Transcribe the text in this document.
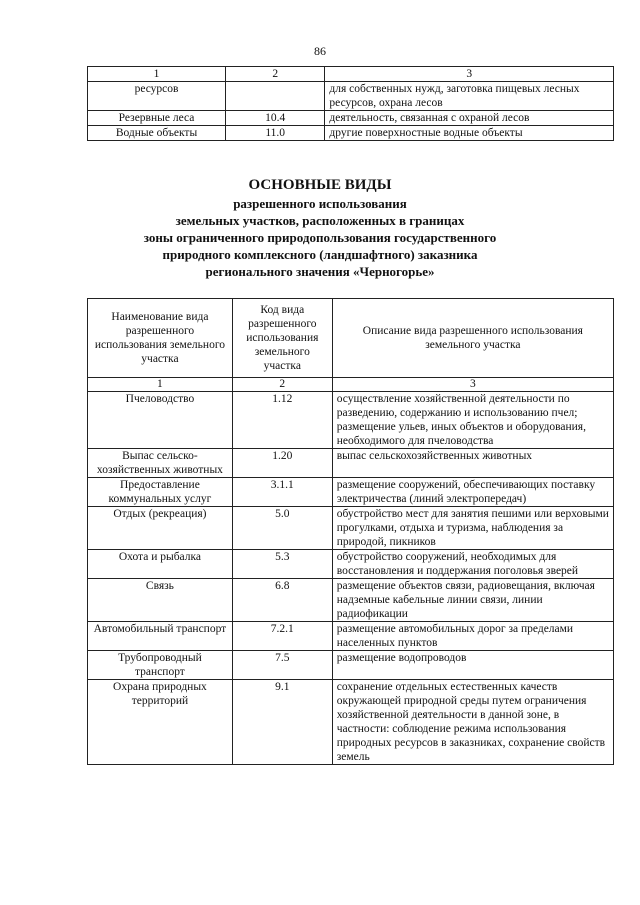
86
1	2	3
ресурсов		для собственных нужд, заготовка пищевых лесных ресурсов, охрана лесов
Резервные леса	10.4	деятельность, связанная с охраной лесов
Водные объекты	11.0	другие поверхностные водные объекты
ОСНОВНЫЕ ВИДЫ
разрешенного использования
земельных участков, расположенных в границах
зоны ограниченного природопользования государственного
природного комплексного (ландшафтного) заказника
регионального значения «Черногорье»
Наименование вида разрешенного использования земельного участка	Код вида разрешенного использования земельного участка	Описание вида разрешенного использования земельного участка
1	2	3
Пчеловодство	1.12	осуществление хозяйственной деятельности по разведению, содержанию и использованию пчел; размещение ульев, иных объектов и оборудования, необходимого для пчеловодства
Выпас сельско-хозяйственных животных	1.20	выпас сельскохозяйственных животных
Предоставление коммунальных услуг	3.1.1	размещение сооружений, обеспечивающих поставку электричества (линий электропередач)
Отдых (рекреация)	5.0	обустройство мест для занятия пешими или верховыми прогулками, отдыха и туризма, наблюдения за природой, пикников
Охота и рыбалка	5.3	обустройство сооружений, необходимых для восстановления и поддержания поголовья зверей
Связь	6.8	размещение объектов связи, радиовещания, включая надземные кабельные линии связи, линии радиофикации
Автомобильный транспорт	7.2.1	размещение автомобильных дорог за пределами населенных пунктов
Трубопроводный транспорт	7.5	размещение водопроводов
Охрана природных территорий	9.1	сохранение отдельных естественных качеств окружающей природной среды путем ограничения хозяйственной деятельности в данной зоне, в частности: соблюдение режима использования природных ресурсов в заказниках, сохранение свойств земель
